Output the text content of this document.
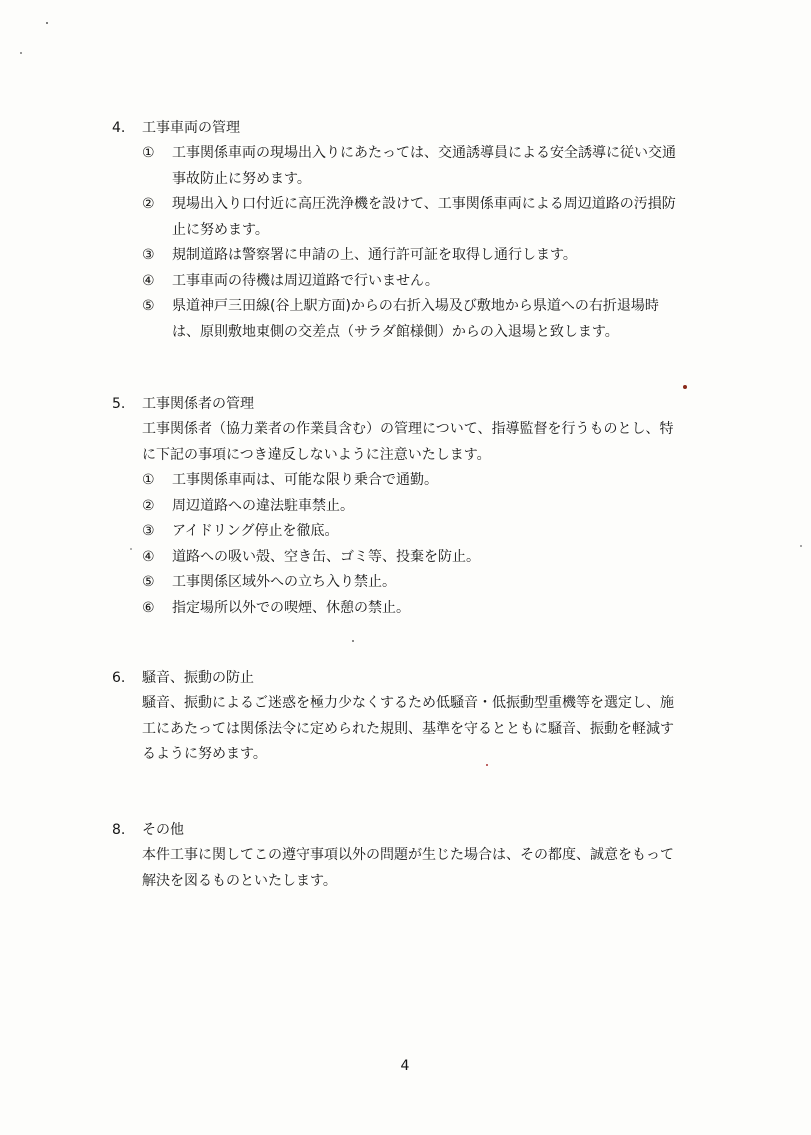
4.	工事車両の管理
①	工事関係車両の現場出入りにあたっては、交通誘導員による安全誘導に従い交通事故防止に努めます。
②	現場出入り口付近に高圧洗浄機を設けて、工事関係車両による周辺道路の汚損防止に努めます。
③	規制道路は警察署に申請の上、通行許可証を取得し通行します。
④	工事車両の待機は周辺道路で行いません。
⑤	県道神戸三田線(谷上駅方面)からの右折入場及び敷地から県道への右折退場時は、原則敷地東側の交差点（サラダ館様側）からの入退場と致します。
5.	工事関係者の管理
工事関係者（協力業者の作業員含む）の管理について、指導監督を行うものとし、特に下記の事項につき違反しないように注意いたします。
①	工事関係車両は、可能な限り乗合で通勤。
②	周辺道路への違法駐車禁止。
③	アイドリング停止を徹底。
④	道路への吸い殻、空き缶、ゴミ等、投棄を防止。
⑤	工事関係区域外への立ち入り禁止。
⑥	指定場所以外での喫煙、休憩の禁止。
6.	騒音、振動の防止
騒音、振動によるご迷惑を極力少なくするため低騒音・低振動型重機等を選定し、施工にあたっては関係法令に定められた規則、基準を守るとともに騒音、振動を軽減するように努めます。
8.	その他
本件工事に関してこの遵守事項以外の問題が生じた場合は、その都度、誠意をもって解決を図るものといたします。
4
